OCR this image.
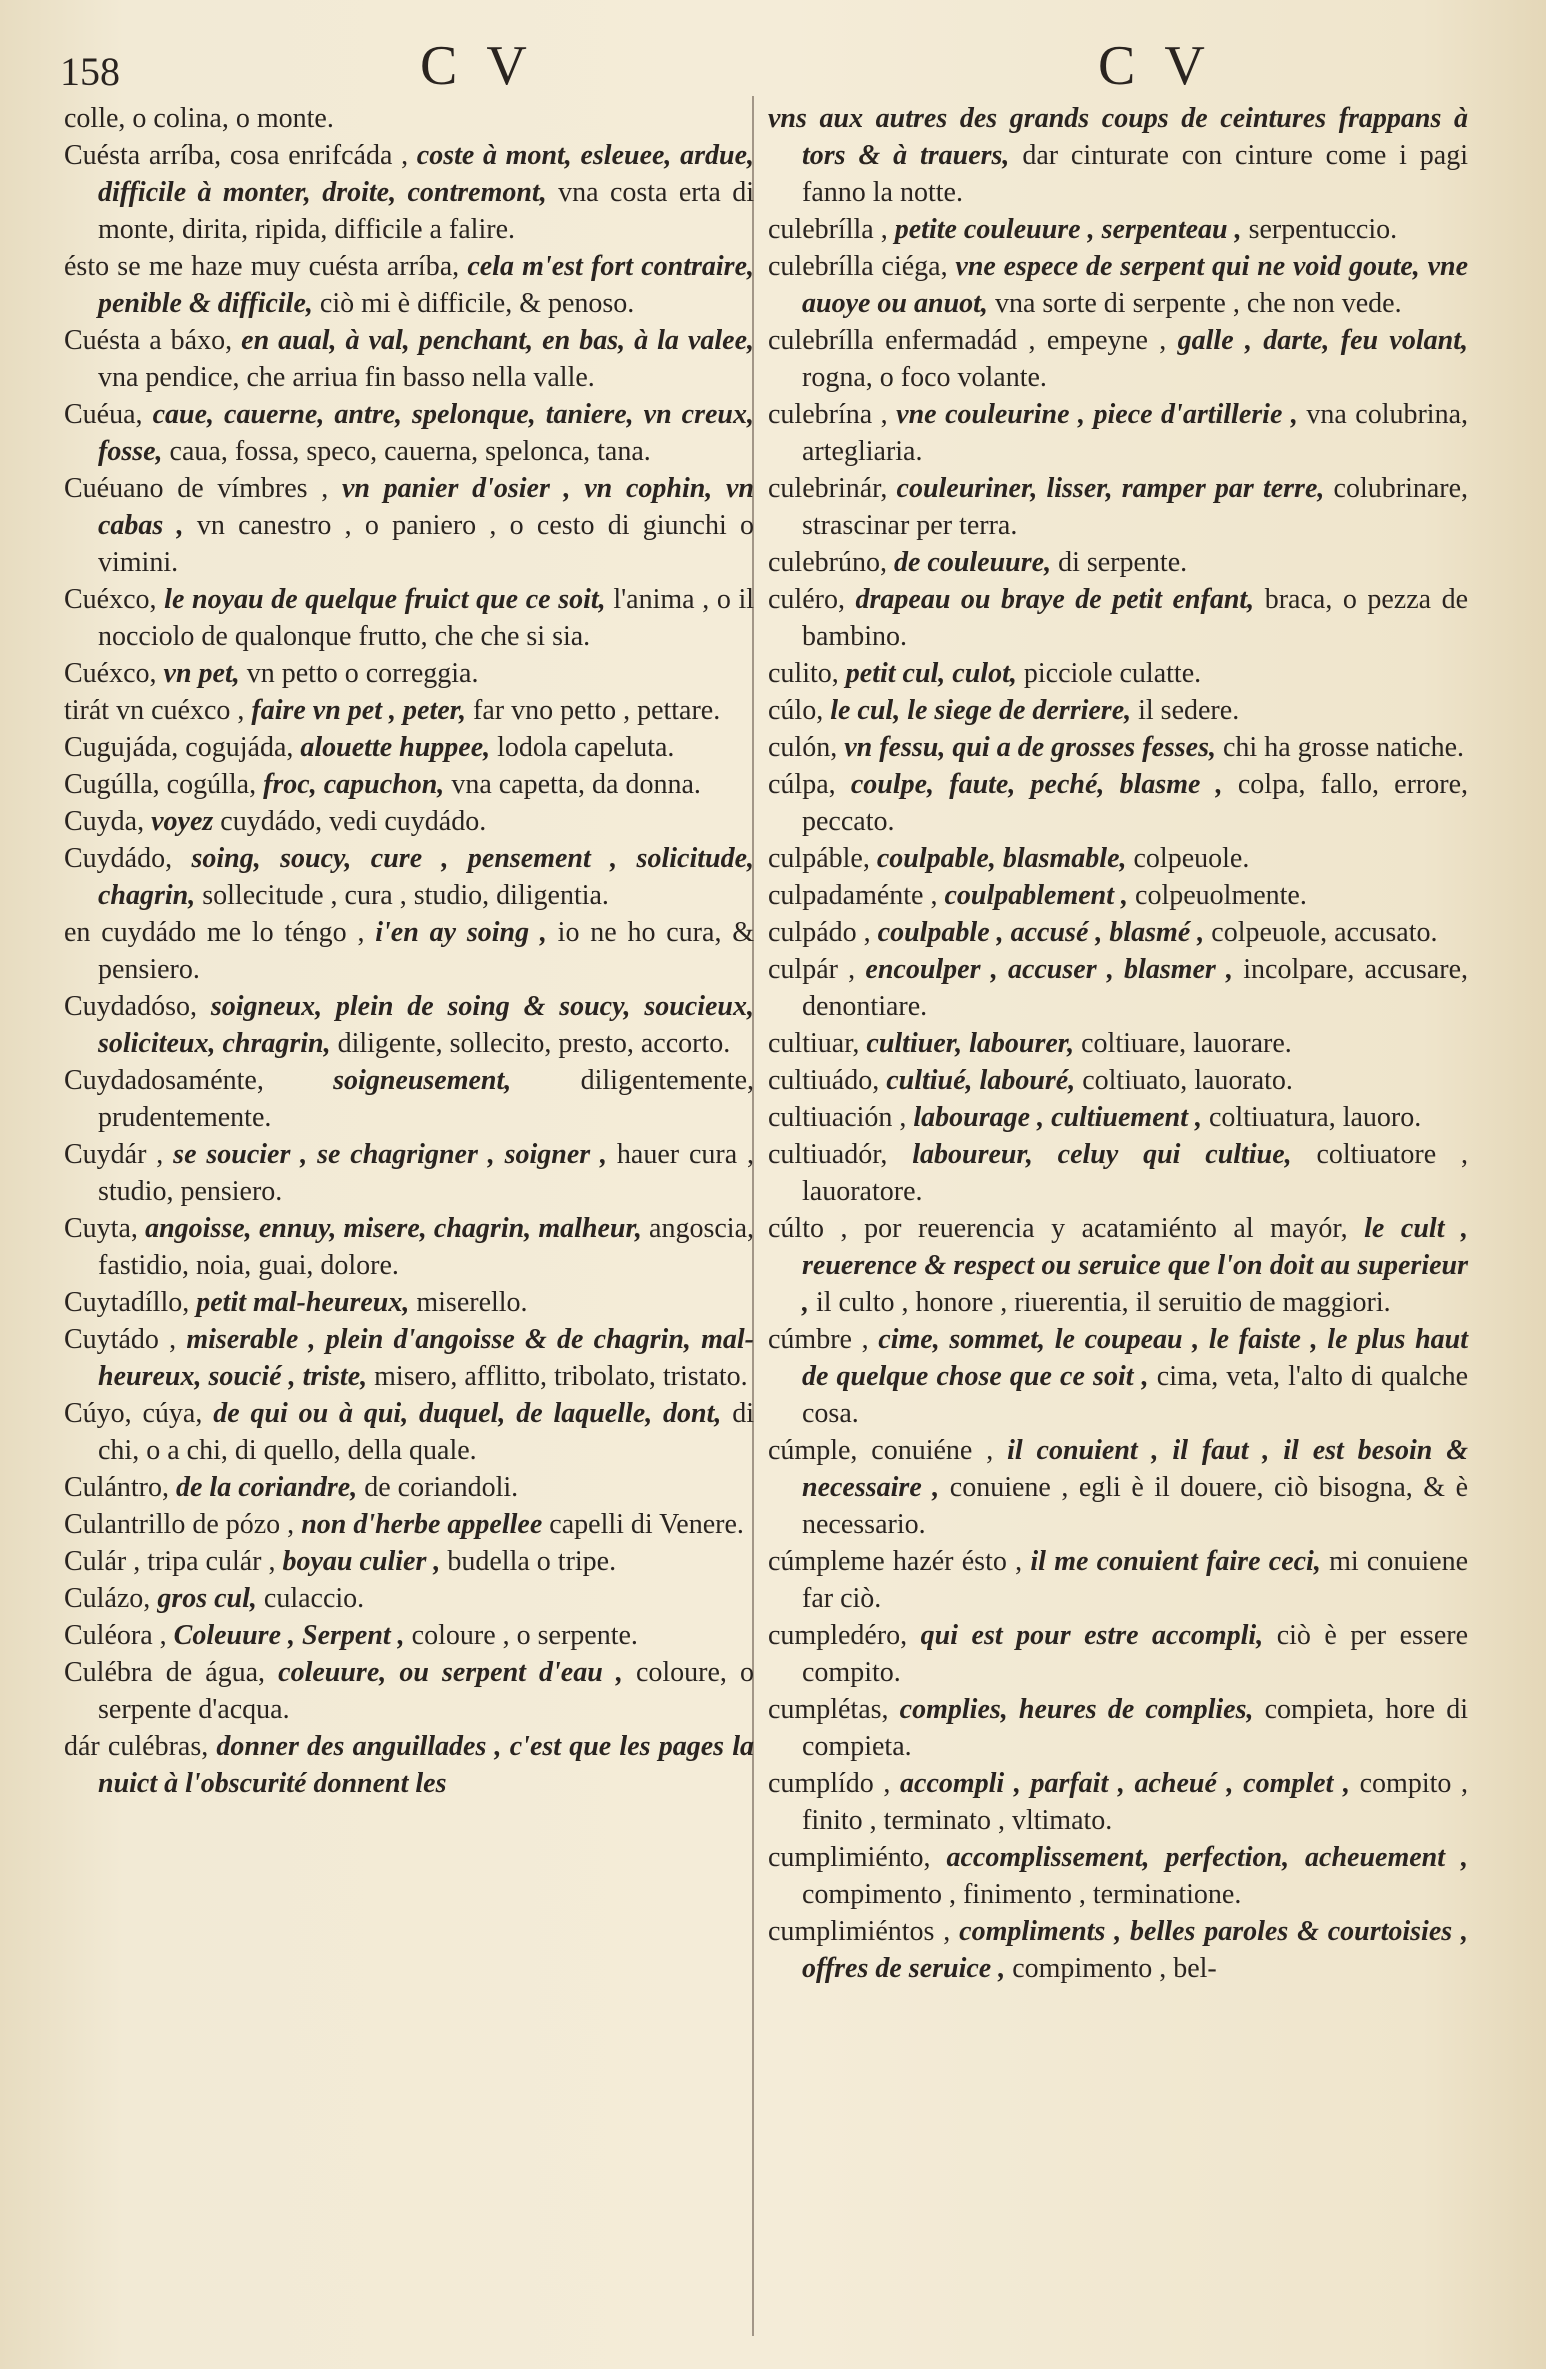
158	C V	C V

colle, o colina, o monte.

Cuésta arríba, cosa enrifcáda , coste à mont, esleuee, ardue, difficile à monter, droite, contremont, vna costa erta di monte, dirita, ripida, difficile a falire.

ésto se me haze muy cuésta arríba, cela m'est fort contraire, penible & difficile, ciò mi è difficile, & penoso.

Cuésta a báxo, en aual, à val, penchant, en bas, à la valee, vna pendice, che arriua fin basso nella valle.

Cuéua, caue, cauerne, antre, spelonque, taniere, vn creux, fosse, caua, fossa, speco, cauerna, spelonca, tana.

Cuéuano de vímbres , vn panier d'osier , vn cophin, vn cabas , vn canestro , o paniero , o cesto di giunchi o vimini.

Cuéxco, le noyau de quelque fruict que ce soit, l'anima , o il nocciolo de qualonque frutto, che che si sia.

Cuéxco, vn pet, vn petto o correggia.

tirát vn cuéxco , faire vn pet , peter, far vno petto , pettare.

Cugujáda, cogujáda, alouette huppee, lodola capeluta.

Cugúlla, cogúlla, froc, capuchon, vna capetta, da donna.

Cuyda, voyez cuydádo, vedi cuydádo.

Cuydádo, soing, soucy, cure , pensement , solicitude, chagrin, sollecitude , cura , studio, diligentia.

en cuydádo me lo téngo , i'en ay soing , io ne ho cura, & pensiero.

Cuydadóso, soigneux, plein de soing & soucy, soucieux, soliciteux, chragrin, diligente, sollecito, presto, accorto.

Cuydadosaménte, soigneusement, diligentemente, prudentemente.

Cuydár , se soucier , se chagrigner , soigner , hauer cura , studio, pensiero.

Cuyta, angoisse, ennuy, misere, chagrin, malheur, angoscia, fastidio, noia, guai, dolore.

Cuytadíllo, petit mal-heureux, miserello.

Cuytádo , miserable , plein d'angoisse & de chagrin, mal-heureux, soucié , triste, misero, afflitto, tribolato, tristato.

Cúyo, cúya, de qui ou à qui, duquel, de laquelle, dont, di chi, o a chi, di quello, della quale.

Culántro, de la coriandre, de coriandoli.

Culantrillo de pózo , non d'herbe appellee capelli di Venere.

Culár , tripa culár , boyau culier , budella o tripe.

Culázo, gros cul, culaccio.

Culéora , Coleuure , Serpent , coloure , o serpente.

Culébra de água, coleuure, ou serpent d'eau , coloure, o serpente d'acqua.

dár culébras, donner des anguillades , c'est que les pages la nuict à l'obscurité donnent les

vns aux autres des grands coups de ceintures frappans à tors & à trauers, dar cinturate con cinture come i pagi fanno la notte.

culebrílla , petite couleuure , serpenteau , serpentuccio.

culebrílla ciéga, vne espece de serpent qui ne void goute, vne auoye ou anuot, vna sorte di serpente , che non vede.

culebrílla enfermadád , empeyne , galle , darte, feu volant, rogna, o foco volante.

culebrína , vne couleurine , piece d'artillerie , vna colubrina, artegliaria.

culebrinár, couleuriner, lisser, ramper par terre, colubrinare, strascinar per terra.

culebrúno, de couleuure, di serpente.

culéro, drapeau ou braye de petit enfant, braca, o pezza de bambino.

culito, petit cul, culot, picciole culatte.

cúlo, le cul, le siege de derriere, il sedere.

culón, vn fessu, qui a de grosses fesses, chi ha grosse natiche.

cúlpa, coulpe, faute, peché, blasme , colpa, fallo, errore, peccato.

culpáble, coulpable, blasmable, colpeuole.

culpadaménte , coulpablement , colpeuolmente.

culpádo , coulpable , accusé , blasmé , colpeuole, accusato.

culpár , encoulper , accuser , blasmer , incolpare, accusare, denontiare.

cultiuar, cultiuer, labourer, coltiuare, lauorare.

cultiuádo, cultiué, labouré, coltiuato, lauorato.

cultiuación , labourage , cultiuement , coltiuatura, lauoro.

cultiuadór, laboureur, celuy qui cultiue, coltiuatore , lauoratore.

cúlto , por reuerencia y acatamiénto al mayór, le cult , reuerence & respect ou seruice que l'on doit au superieur , il culto , honore , riuerentia, il seruitio de maggiori.

cúmbre , cime, sommet, le coupeau , le faiste , le plus haut de quelque chose que ce soit , cima, veta, l'alto di qualche cosa.

cúmple, conuiéne , il conuient , il faut , il est besoin & necessaire , conuiene , egli è il douere, ciò bisogna, & è necessario.

cúmpleme hazér ésto , il me conuient faire ceci, mi conuiene far ciò.

cumpledéro, qui est pour estre accompli, ciò è per essere compito.

cumplétas, complies, heures de complies, compieta, hore di compieta.

cumplído , accompli , parfait , acheué , complet , compito , finito , terminato , vltimato.

cumplimiénto, accomplissement, perfection, acheuement , compimento , finimento , terminatione.

cumplimiéntos , compliments , belles paroles & courtoisies , offres de seruice , compimento , bel-
